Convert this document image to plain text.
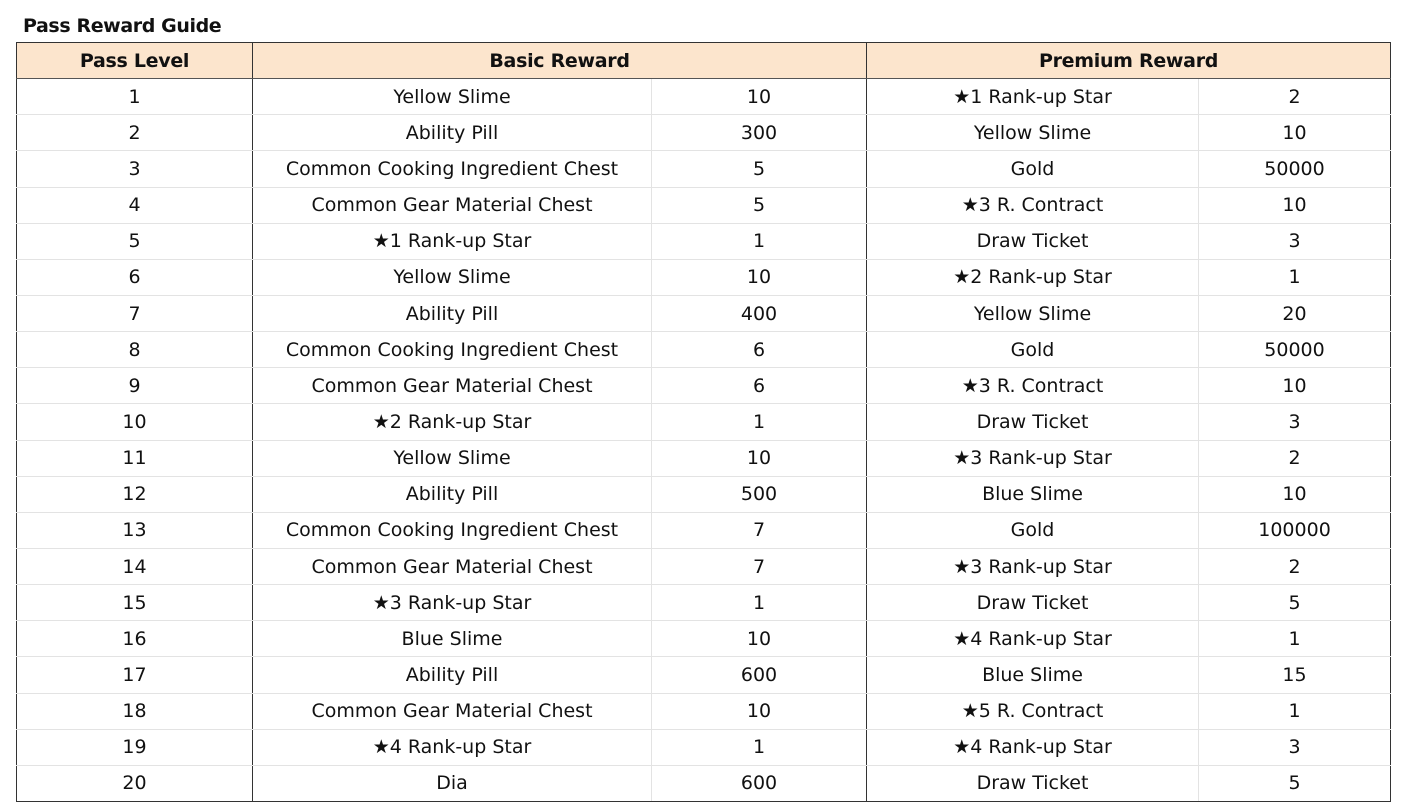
Pass Reward Guide
Pass Level	Basic Reward		Premium Reward	
1	Yellow Slime	10	★1 Rank-up Star	2
2	Ability Pill	300	Yellow Slime	10
3	Common Cooking Ingredient Chest	5	Gold	50000
4	Common Gear Material Chest	5	★3 R. Contract	10
5	★1 Rank-up Star	1	Draw Ticket	3
6	Yellow Slime	10	★2 Rank-up Star	1
7	Ability Pill	400	Yellow Slime	20
8	Common Cooking Ingredient Chest	6	Gold	50000
9	Common Gear Material Chest	6	★3 R. Contract	10
10	★2 Rank-up Star	1	Draw Ticket	3
11	Yellow Slime	10	★3 Rank-up Star	2
12	Ability Pill	500	Blue Slime	10
13	Common Cooking Ingredient Chest	7	Gold	100000
14	Common Gear Material Chest	7	★3 Rank-up Star	2
15	★3 Rank-up Star	1	Draw Ticket	5
16	Blue Slime	10	★4 Rank-up Star	1
17	Ability Pill	600	Blue Slime	15
18	Common Gear Material Chest	10	★5 R. Contract	1
19	★4 Rank-up Star	1	★4 Rank-up Star	3
20	Dia	600	Draw Ticket	5
